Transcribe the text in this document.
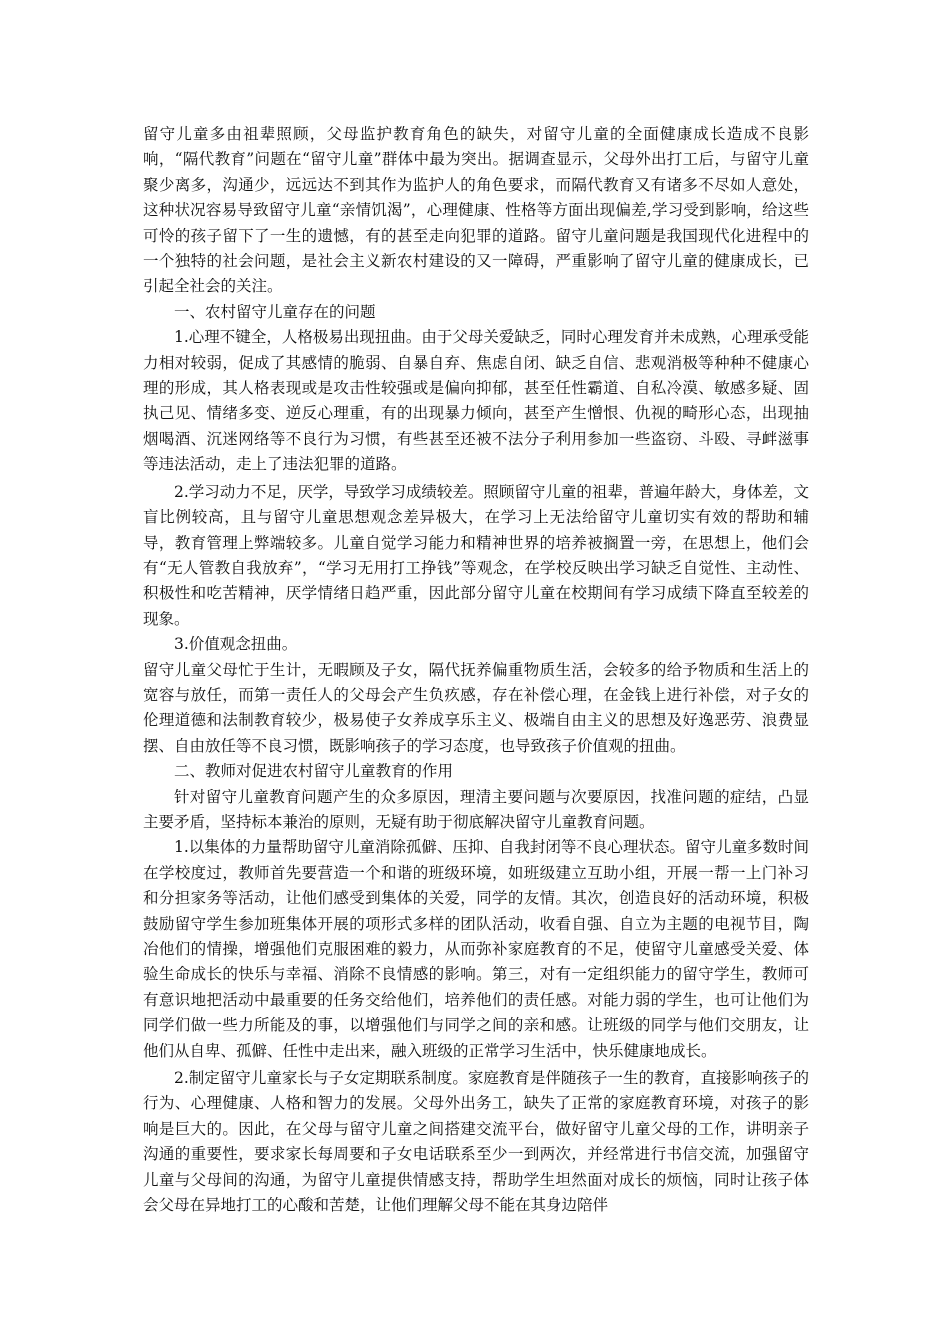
留守儿童多由祖辈照顾，父母监护教育角色的缺失，对留守儿童的全面健康成长造成不良影响，“隔代教育”问题在“留守儿童”群体中最为突出。据调查显示，父母外出打工后，与留守儿童聚少离多，沟通少，远远达不到其作为监护人的角色要求，而隔代教育又有诸多不尽如人意处，这种状况容易导致留守儿童“亲情饥渴”，心理健康、性格等方面出现偏差,学习受到影响，给这些可怜的孩子留下了一生的遗憾，有的甚至走向犯罪的道路。留守儿童问题是我国现代化进程中的一个独特的社会问题，是社会主义新农村建设的又一障碍，严重影响了留守儿童的健康成长，已引起全社会的关注。

一、农村留守儿童存在的问题

1.心理不键全，人格极易出现扭曲。由于父母关爱缺乏，同时心理发育并未成熟，心理承受能力相对较弱，促成了其感情的脆弱、自暴自弃、焦虑自闭、缺乏自信、悲观消极等种种不健康心理的形成，其人格表现或是攻击性较强或是偏向抑郁，甚至任性霸道、自私冷漠、敏感多疑、固执己见、情绪多变、逆反心理重，有的出现暴力倾向，甚至产生憎恨、仇视的畸形心态，出现抽烟喝酒、沉迷网络等不良行为习惯，有些甚至还被不法分子利用参加一些盗窃、斗殴、寻衅滋事等违法活动，走上了违法犯罪的道路。

2.学习动力不足，厌学，导致学习成绩较差。照顾留守儿童的祖辈，普遍年龄大，身体差，文盲比例较高，且与留守儿童思想观念差异极大，在学习上无法给留守儿童切实有效的帮助和辅导，教育管理上弊端较多。儿童自觉学习能力和精神世界的培养被搁置一旁，在思想上，他们会有“无人管教自我放弃”，“学习无用打工挣钱”等观念，在学校反映出学习缺乏自觉性、主动性、积极性和吃苦精神，厌学情绪日趋严重，因此部分留守儿童在校期间有学习成绩下降直至较差的现象。

3.价值观念扭曲。

留守儿童父母忙于生计，无暇顾及子女，隔代抚养偏重物质生活，会较多的给予物质和生活上的宽容与放任，而第一责任人的父母会产生负疚感，存在补偿心理，在金钱上进行补偿，对子女的伦理道德和法制教育较少，极易使子女养成享乐主义、极端自由主义的思想及好逸恶劳、浪费显摆、自由放任等不良习惯，既影响孩子的学习态度，也导致孩子价值观的扭曲。

二、教师对促进农村留守儿童教育的作用

针对留守儿童教育问题产生的众多原因，理清主要问题与次要原因，找准问题的症结，凸显主要矛盾，坚持标本兼治的原则，无疑有助于彻底解决留守儿童教育问题。

1.以集体的力量帮助留守儿童消除孤僻、压抑、自我封闭等不良心理状态。留守儿童多数时间在学校度过，教师首先要营造一个和谐的班级环境，如班级建立互助小组，开展一帮一上门补习和分担家务等活动，让他们感受到集体的关爱，同学的友情。其次，创造良好的活动环境，积极鼓励留守学生参加班集体开展的项形式多样的团队活动，收看自强、自立为主题的电视节目，陶冶他们的情操，增强他们克服困难的毅力，从而弥补家庭教育的不足，使留守儿童感受关爱、体验生命成长的快乐与幸福、消除不良情感的影响。第三，对有一定组织能力的留守学生，教师可有意识地把活动中最重要的任务交给他们，培养他们的责任感。对能力弱的学生，也可让他们为同学们做一些力所能及的事，以增强他们与同学之间的亲和感。让班级的同学与他们交朋友，让他们从自卑、孤僻、任性中走出来，融入班级的正常学习生活中，快乐健康地成长。

2.制定留守儿童家长与子女定期联系制度。家庭教育是伴随孩子一生的教育，直接影响孩子的行为、心理健康、人格和智力的发展。父母外出务工，缺失了正常的家庭教育环境，对孩子的影响是巨大的。因此，在父母与留守儿童之间搭建交流平台，做好留守儿童父母的工作，讲明亲子沟通的重要性，要求家长每周要和子女电话联系至少一到两次，并经常进行书信交流，加强留守儿童与父母间的沟通，为留守儿童提供情感支持，帮助学生坦然面对成长的烦恼，同时让孩子体会父母在异地打工的心酸和苦楚，让他们理解父母不能在其身边陪伴
